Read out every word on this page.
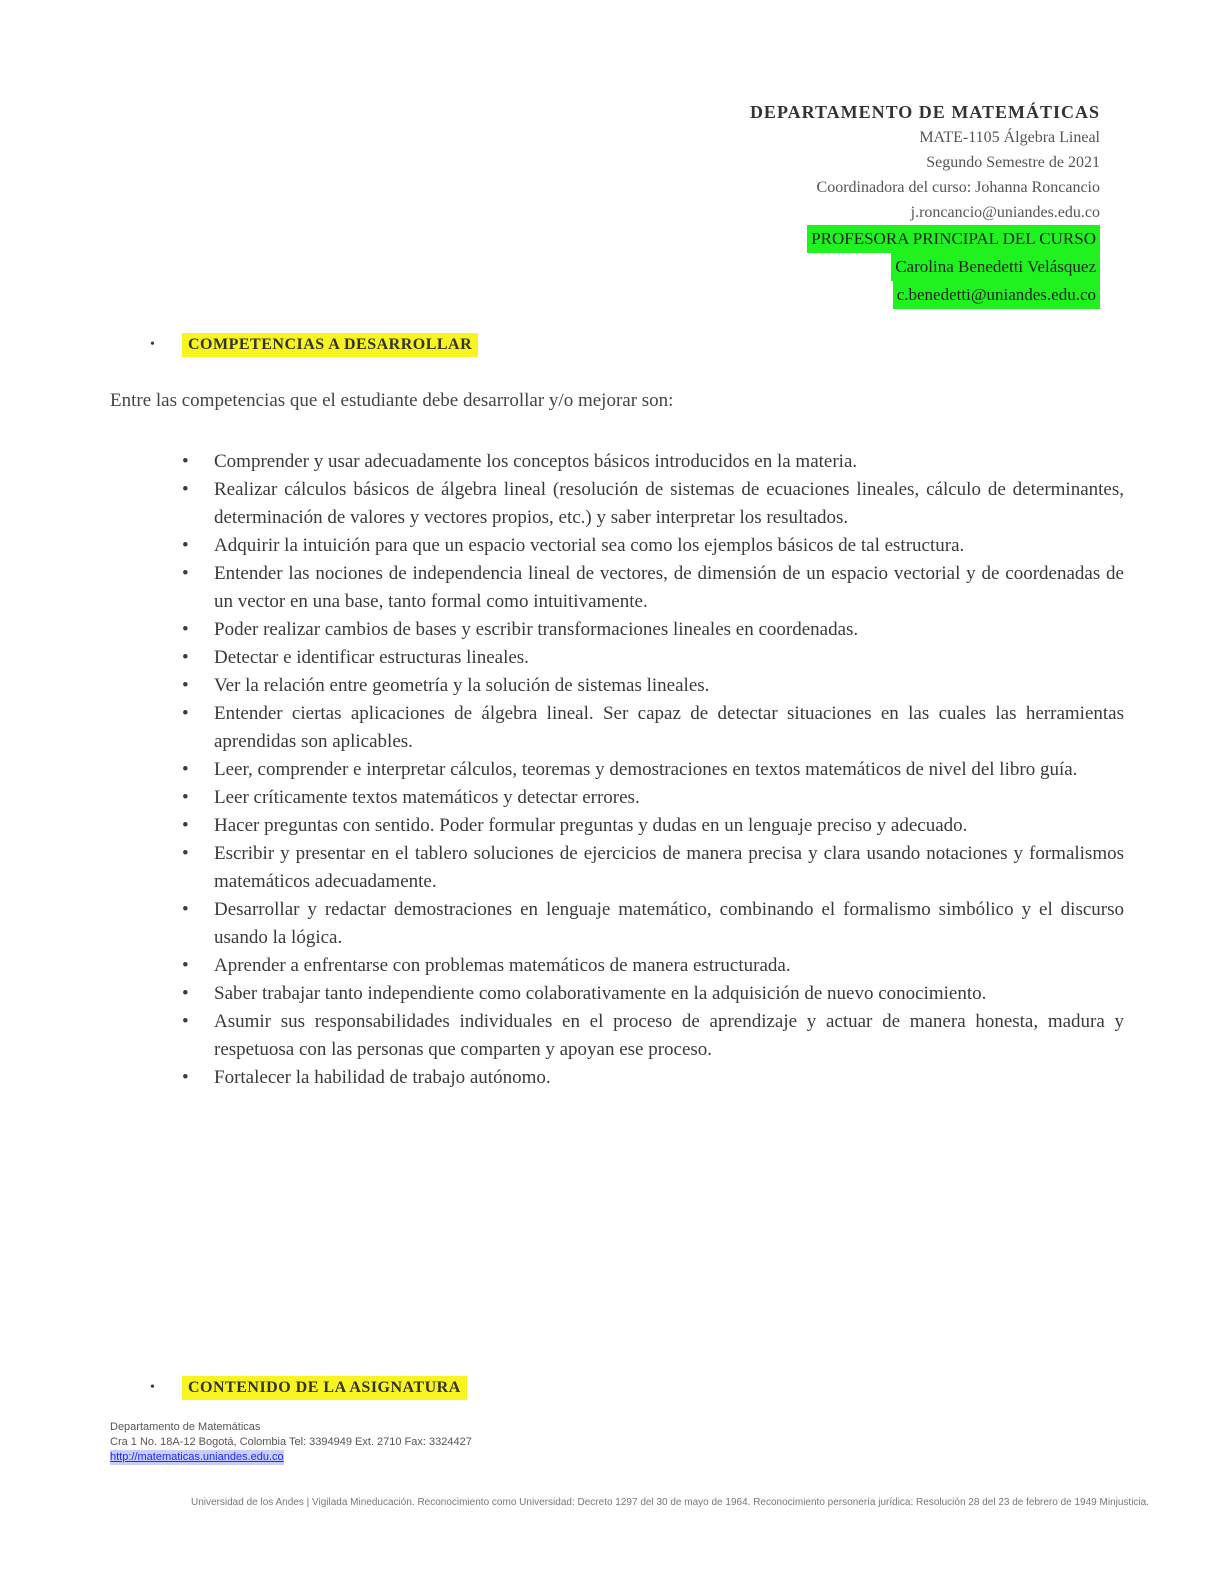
DEPARTAMENTO DE MATEMÁTICAS
MATE-1105 Álgebra Lineal
Segundo Semestre de 2021
Coordinadora del curso: Johanna Roncancio
j.roncancio@uniandes.edu.co
PROFESORA PRINCIPAL DEL CURSO
Carolina Benedetti Velásquez
c.benedetti@uniandes.edu.co
•	COMPETENCIAS A DESARROLLAR
Entre las competencias que el estudiante debe desarrollar y/o mejorar son:
• Comprender y usar adecuadamente los conceptos básicos introducidos en la materia.
• Realizar cálculos básicos de álgebra lineal (resolución de sistemas de ecuaciones lineales, cálculo de determinantes, determinación de valores y vectores propios, etc.) y saber interpretar los resultados.
• Adquirir la intuición para que un espacio vectorial sea como los ejemplos básicos de tal estructura.
• Entender las nociones de independencia lineal de vectores, de dimensión de un espacio vectorial y de coordenadas de un vector en una base, tanto formal como intuitivamente.
• Poder realizar cambios de bases y escribir transformaciones lineales en coordenadas.
• Detectar e identificar estructuras lineales.
• Ver la relación entre geometría y la solución de sistemas lineales.
• Entender ciertas aplicaciones de álgebra lineal. Ser capaz de detectar situaciones en las cuales las herramientas aprendidas son aplicables.
• Leer, comprender e interpretar cálculos, teoremas y demostraciones en textos matemáticos de nivel del libro guía.
• Leer críticamente textos matemáticos y detectar errores.
• Hacer preguntas con sentido. Poder formular preguntas y dudas en un lenguaje preciso y adecuado.
• Escribir y presentar en el tablero soluciones de ejercicios de manera precisa y clara usando notaciones y formalismos matemáticos adecuadamente.
• Desarrollar y redactar demostraciones en lenguaje matemático, combinando el formalismo simbólico y el discurso usando la lógica.
• Aprender a enfrentarse con problemas matemáticos de manera estructurada.
• Saber trabajar tanto independiente como colaborativamente en la adquisición de nuevo conocimiento.
• Asumir sus responsabilidades individuales en el proceso de aprendizaje y actuar de manera honesta, madura y respetuosa con las personas que comparten y apoyan ese proceso.
• Fortalecer la habilidad de trabajo autónomo.
•	CONTENIDO DE LA ASIGNATURA
Departamento de Matemáticas
Cra 1 No. 18A-12 Bogotá, Colombia Tel: 3394949 Ext. 2710 Fax: 3324427
http://matematicas.uniandes.edu.co
Universidad de los Andes | Vigilada Mineducación. Reconocimiento como Universidad: Decreto 1297 del 30 de mayo de 1964. Reconocimiento personería jurídica: Resolución 28 del 23 de febrero de 1949 Minjusticia.
